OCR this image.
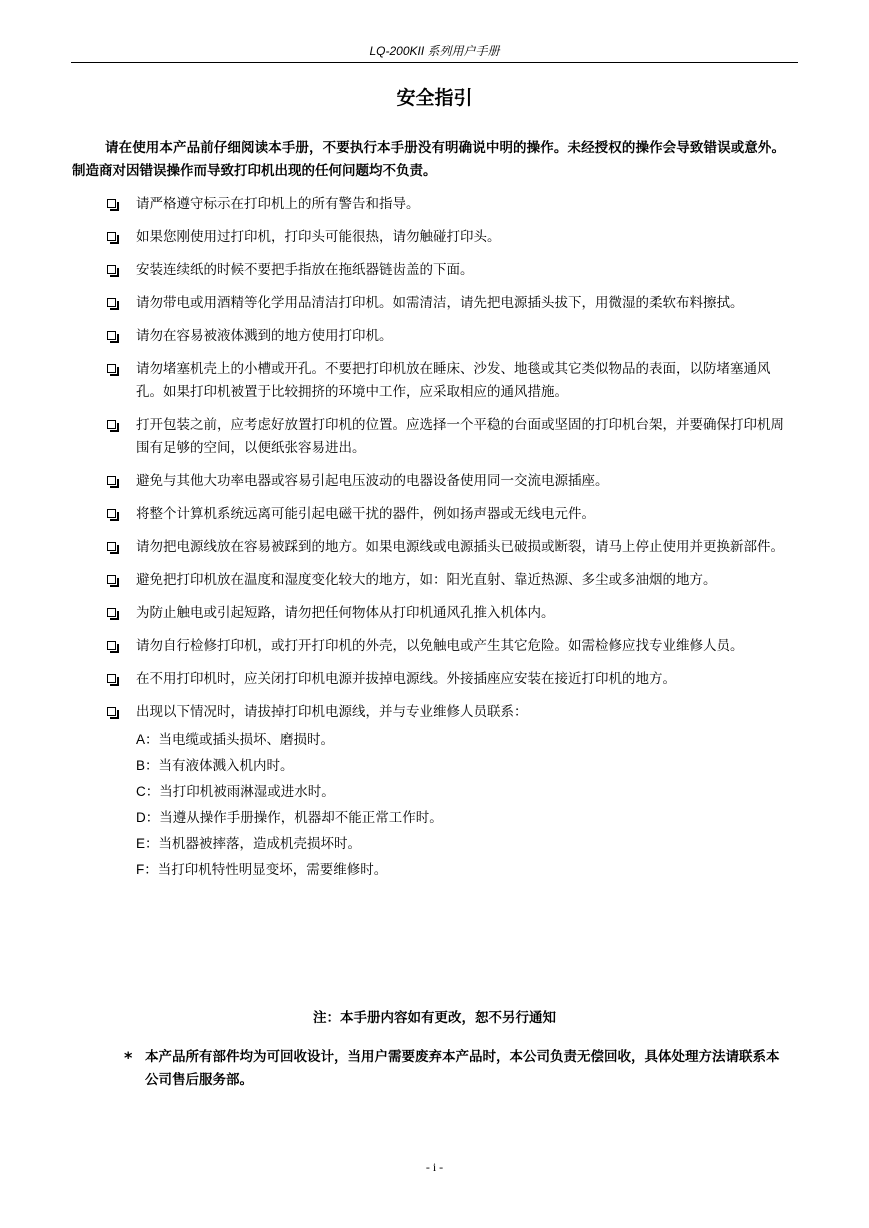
LQ-200KII 系列用户手册
安全指引

请在使用本产品前仔细阅读本手册，不要执行本手册没有明确说中明的操作。未经授权的操作会导致错误或意外。制造商对因错误操作而导致打印机出现的任何问题均不负责。

请严格遵守标示在打印机上的所有警告和指导。
如果您刚使用过打印机，打印头可能很热，请勿触碰打印头。
安装连续纸的时候不要把手指放在拖纸器链齿盖的下面。
请勿带电或用酒精等化学用品清洁打印机。如需清洁，请先把电源插头拔下，用微湿的柔软布料擦拭。
请勿在容易被液体溅到的地方使用打印机。
请勿堵塞机壳上的小槽或开孔。不要把打印机放在睡床、沙发、地毯或其它类似物品的表面，以防堵塞通风孔。如果打印机被置于比较拥挤的环境中工作，应采取相应的通风措施。
打开包装之前，应考虑好放置打印机的位置。应选择一个平稳的台面或坚固的打印机台架，并要确保打印机周围有足够的空间，以便纸张容易进出。
避免与其他大功率电器或容易引起电压波动的电器设备使用同一交流电源插座。
将整个计算机系统远离可能引起电磁干扰的器件，例如扬声器或无线电元件。
请勿把电源线放在容易被踩到的地方。如果电源线或电源插头已破损或断裂，请马上停止使用并更换新部件。
避免把打印机放在温度和湿度变化较大的地方，如：阳光直射、靠近热源、多尘或多油烟的地方。
为防止触电或引起短路，请勿把任何物体从打印机通风孔推入机体内。
请勿自行检修打印机，或打开打印机的外壳，以免触电或产生其它危险。如需检修应找专业维修人员。
在不用打印机时，应关闭打印机电源并拔掉电源线。外接插座应安装在接近打印机的地方。
出现以下情况时，请拔掉打印机电源线，并与专业维修人员联系：
A：当电缆或插头损坏、磨损时。
B：当有液体溅入机内时。
C：当打印机被雨淋湿或进水时。
D：当遵从操作手册操作，机器却不能正常工作时。
E：当机器被摔落，造成机壳损坏时。
F：当打印机特性明显变坏，需要维修时。
注：本手册内容如有更改，恕不另行通知
* 本产品所有部件均为可回收设计，当用户需要废弃本产品时，本公司负责无偿回收，具体处理方法请联系本公司售后服务部。
- i -
